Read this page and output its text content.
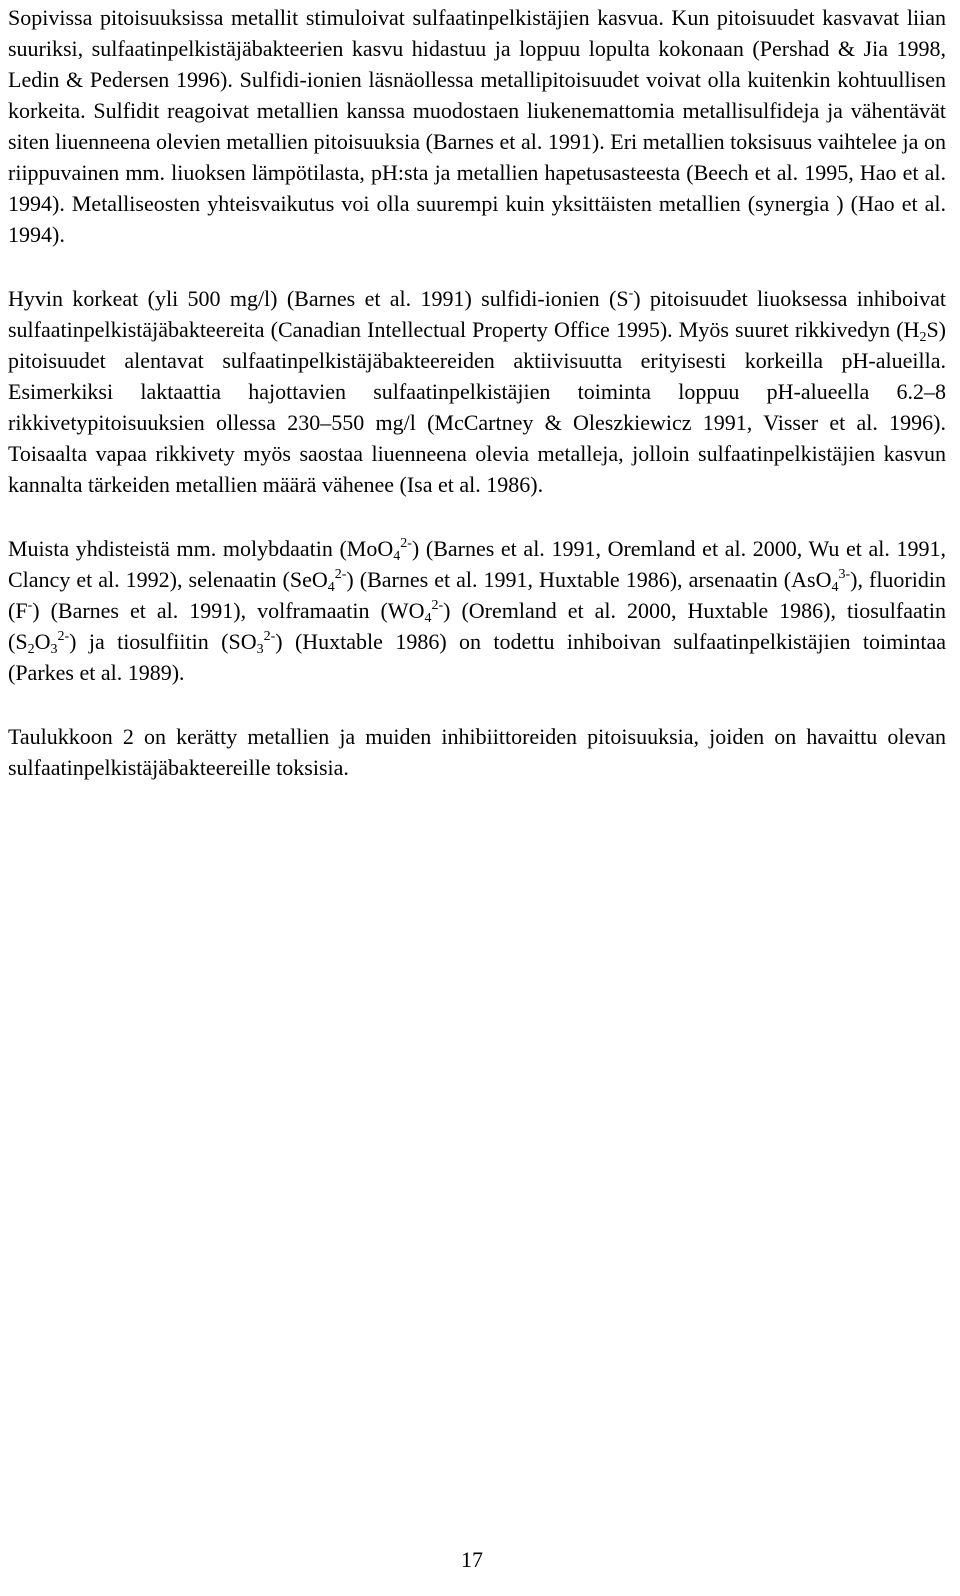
Sopivissa pitoisuuksissa metallit stimuloivat sulfaatinpelkistäjien kasvua. Kun pitoisuudet kasvavat liian suuriksi, sulfaatinpelkistäjäbakteerien kasvu hidastuu ja loppuu lopulta kokonaan (Pershad & Jia 1998, Ledin & Pedersen 1996). Sulfidi-ionien läsnäollessa metallipitoisuudet voivat olla kuitenkin kohtuullisen korkeita. Sulfidit reagoivat metallien kanssa muodostaen liukenemattomia metallisulfideja ja vähentävät siten liuenneena olevien metallien pitoisuuksia (Barnes et al. 1991). Eri metallien toksisuus vaihtelee ja on riippuvainen mm. liuoksen lämpötilasta, pH:sta ja metallien hapetusasteesta (Beech et al. 1995, Hao et al. 1994). Metalliseosten yhteisvaikutus voi olla suurempi kuin yksittäisten metallien (synergia ) (Hao et al. 1994).

Hyvin korkeat (yli 500 mg/l) (Barnes et al. 1991) sulfidi-ionien (S-) pitoisuudet liuoksessa inhiboivat sulfaatinpelkistäjäbakteereita (Canadian Intellectual Property Office 1995). Myös suuret rikkivedyn $(H_2S)$ pitoisuudet alentavat sulfaatinpelkistäjäbakteereiden aktiivisuutta erityisesti korkeilla pH-alueilla. Esimerkiksi laktaattia hajottavien sulfaatinpelkistäjien toiminta loppuu pH-alueella 6.2–8 rikkivetypitoisuuksien ollessa 230–550 mg/l (McCartney & Oleszkiewicz 1991, Visser et al. 1996). Toisaalta vapaa rikkivety myös saostaa liuenneena olevia metalleja, jolloin sulfaatinpelkistäjien kasvun kannalta tärkeiden metallien määrä vähenee (Isa et al. 1986).

Muista yhdisteistä mm. molybdaatin (MoO$_4^{2-}$) (Barnes et al. 1991, Oremland et al. 2000, Wu et al. 1991, Clancy et al. 1992), selenaatin (SeO$_4^{2-}$) (Barnes et al. 1991, Huxtable 1986), arsenaatin (AsO$_4^{3-}$), fluoridin (F-) (Barnes et al. 1991), volframaatin $(WO_4^{2-})$ (Oremland et al. 2000, Huxtable 1986), tiosulfaatin $(S_2O_3^{2-})$ ja tiosulfiitin $(SO_3^{2-})$ (Huxtable 1986) on todettu inhiboivan sulfaatinpelkistäjien toimintaa (Parkes et al. 1989).

Taulukkoon 2 on kerätty metallien ja muiden inhibiittoreiden pitoisuuksia, joiden on havaittu olevan sulfaatinpelkistäjäbakteereille toksisia.

17
